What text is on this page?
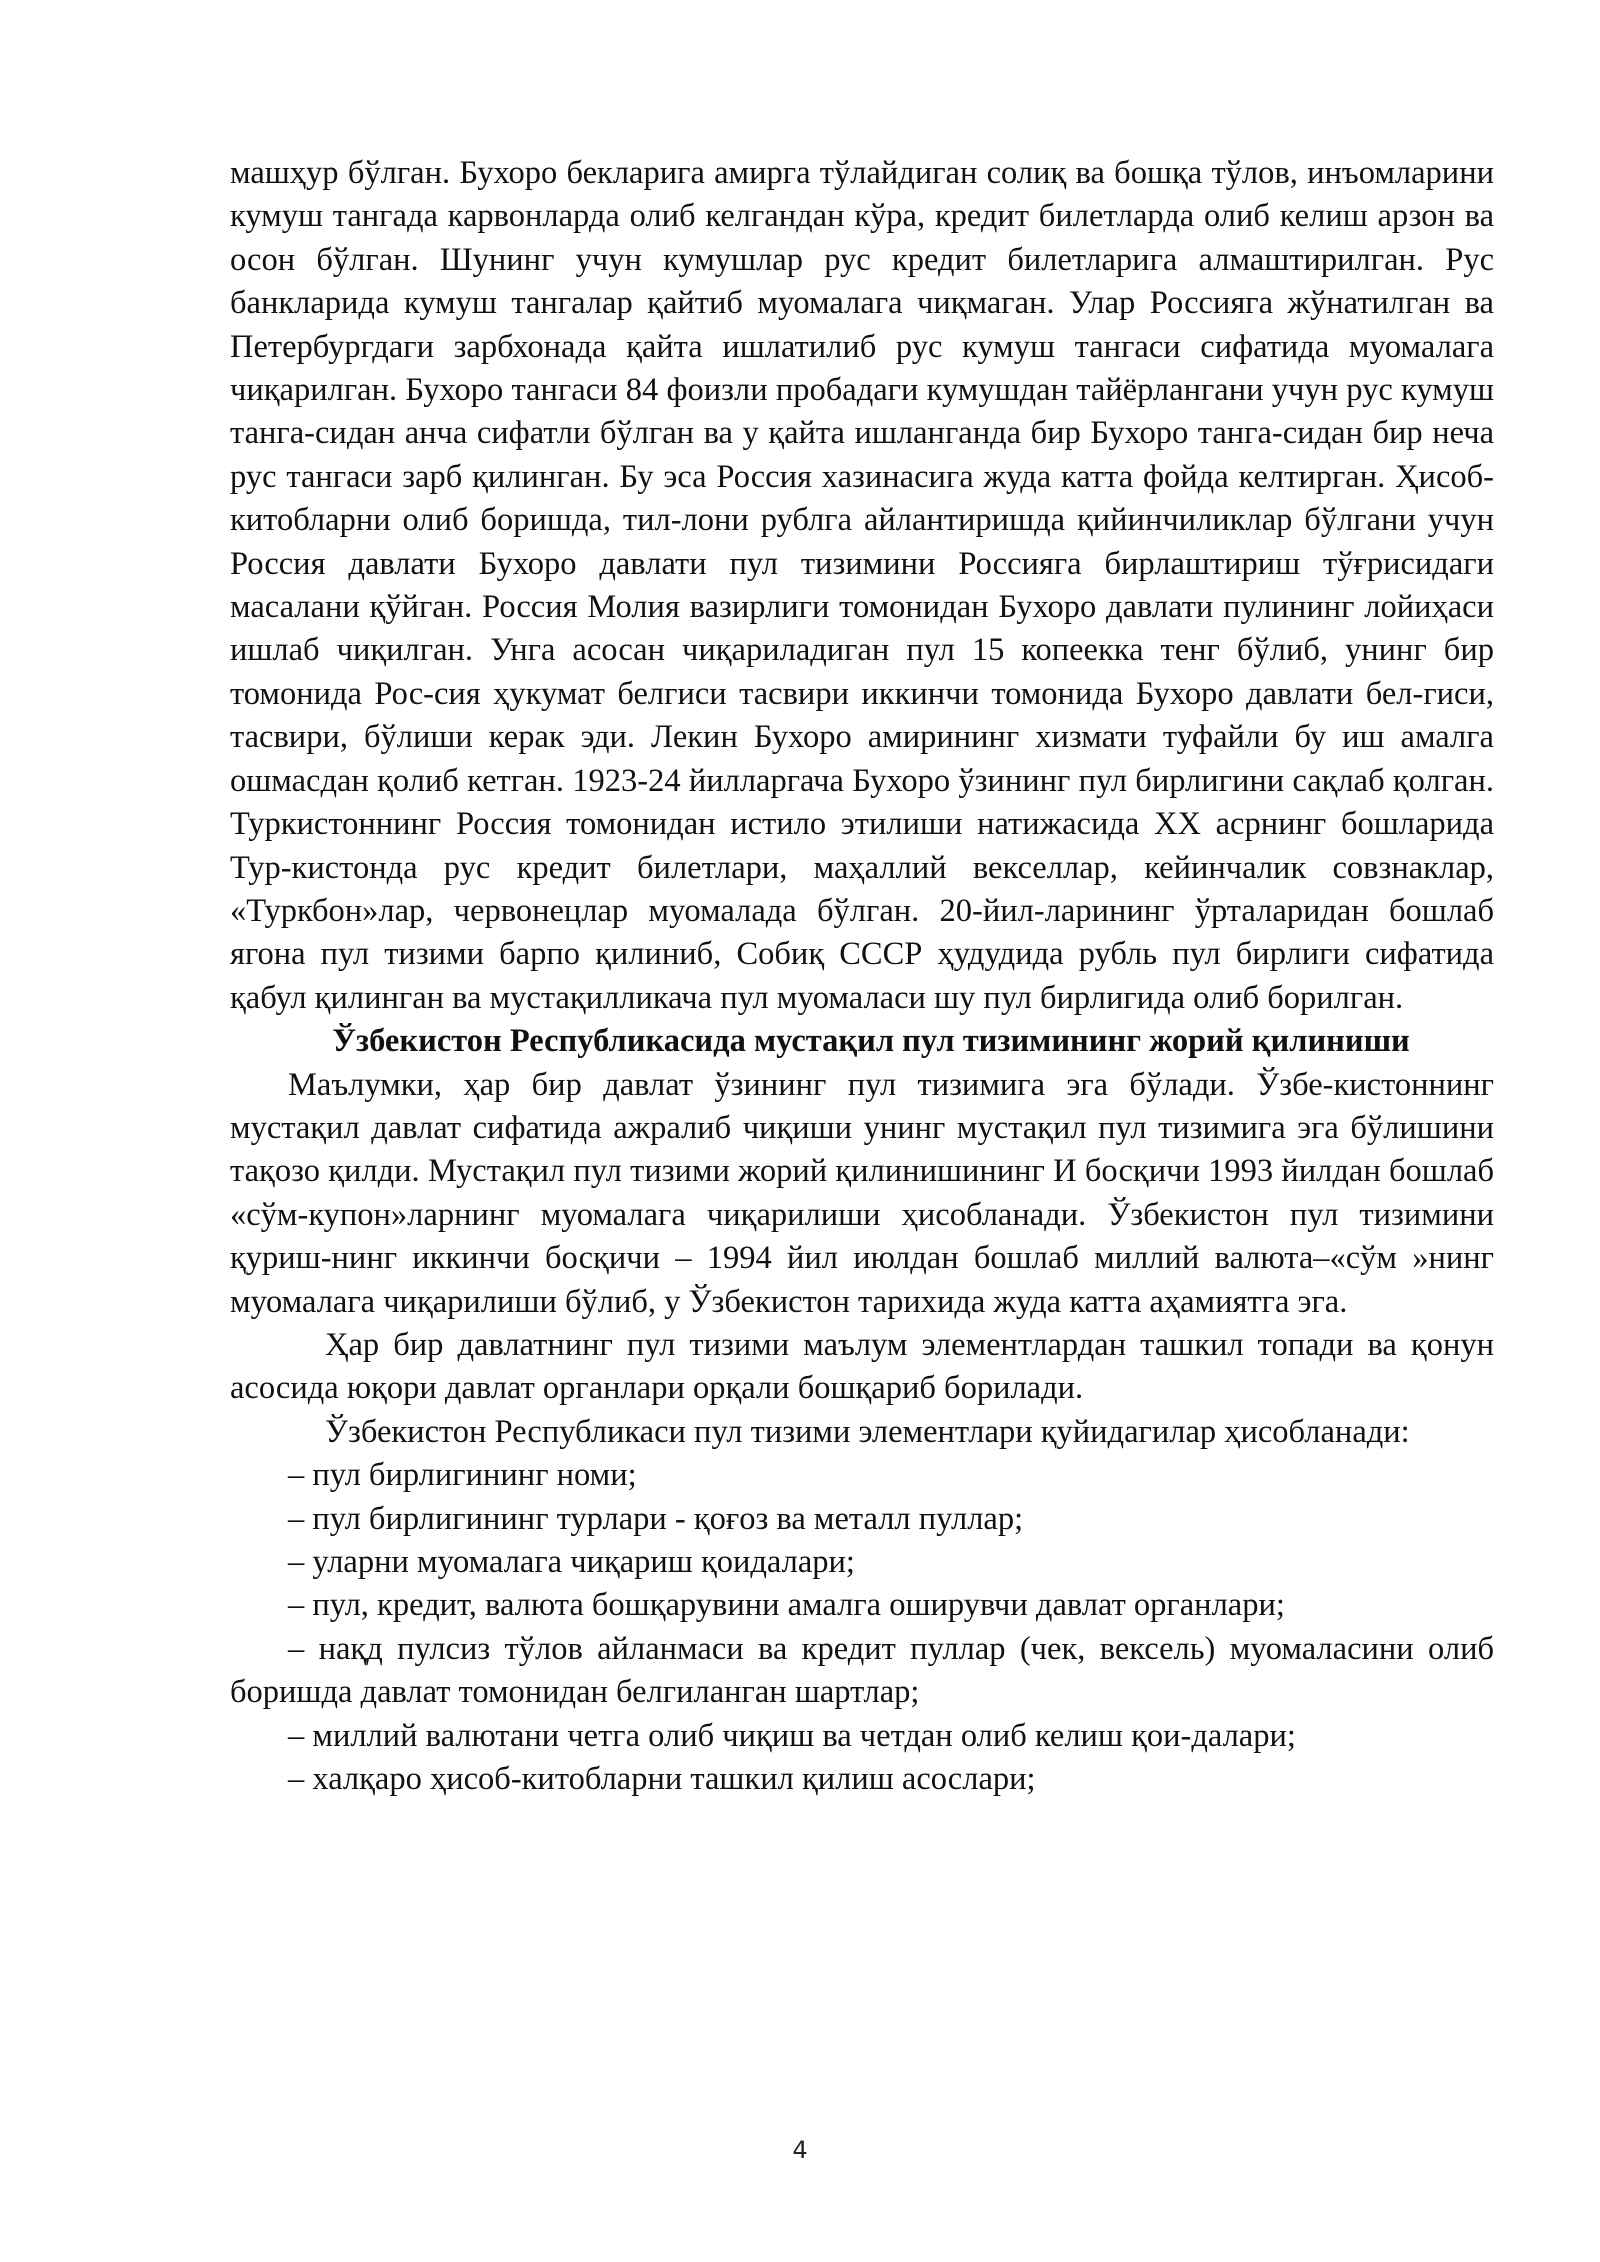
машҳур бўлган. Бухоро бекларига амирга тўлайдиган солиқ ва бошқа тўлов, инъомларини кумуш тангада карвонларда олиб келгандан кўра, кредит билетларда олиб келиш арзон ва осон бўлган. Шунинг учун кумушлар рус кредит билетларига алмаштирилган. Рус банкларида кумуш тангалар қайтиб муомалага чиқмаган. Улар Россияга жўнатилган ва Петербургдаги зарбхонада қайта ишлатилиб рус кумуш тангаси сифатида муомалага чиқарилган. Бухоро тангаси 84 фоизли пробадаги кумушдан тайёрлангани учун рус кумуш танга-сидан анча сифатли бўлган ва у қайта ишланганда бир Бухоро танга-сидан бир неча рус тангаси зарб қилинган. Бу эса Россия хазинасига жуда катта фойда келтирган. Ҳисоб-китобларни олиб боришда, тил-лони рублга айлантиришда қийинчиликлар бўлгани учун Россия давлати Бухоро давлати пул тизимини Россияга бирлаштириш тўғрисидаги масалани қўйган. Россия Молия вазирлиги томонидан Бухоро давлати пулининг лойиҳаси ишлаб чиқилган. Унга асосан чиқариладиган пул 15 копеекка тенг бўлиб, унинг бир томонида Рос-сия ҳукумат белгиси тасвири иккинчи томонида Бухоро давлати бел-гиси, тасвири, бўлиши керак эди. Лекин Бухоро амирининг хизмати туфайли бу иш амалга ошмасдан қолиб кетган. 1923-24 йилларгача Бухоро ўзининг пул бирлигини сақлаб қолган. Туркистоннинг Россия томонидан истило этилиши натижасида XX асрнинг бошларида Тур-кистонда рус кредит билетлари, маҳаллий векселлар, кейинчалик совзнаклар, «Туркбон»лар, червонецлар муомалада бўлган. 20-йил-ларининг ўрталаридан бошлаб ягона пул тизими барпо қилиниб, Собиқ СССР ҳудудида рубль пул бирлиги сифатида қабул қилинган ва мустақилликача пул муомаласи шу пул бирлигида олиб борилган.

Ўзбекистон Республикасида мустақил пул тизимининг жорий қилиниши

Маълумки, ҳар бир давлат ўзининг пул тизимига эга бўлади. Ўзбе-кистоннинг мустақил давлат сифатида ажралиб чиқиши унинг мустақил пул тизимига эга бўлишини тақозо қилди. Мустақил пул тизими жорий қилинишининг И босқичи 1993 йилдан бошлаб «сўм-купон»ларнинг муомалага чиқарилиши ҳисобланади. Ўзбекистон пул тизимини қуриш-нинг иккинчи босқичи – 1994 йил июлдан бошлаб миллий валюта–«сўм »нинг муомалага чиқарилиши бўлиб, у Ўзбекистон тарихида жуда катта аҳамиятга эга.

Ҳар бир давлатнинг пул тизими маълум элементлардан ташкил топади ва қонун асосида юқори давлат органлари орқали бошқариб борилади.

Ўзбекистон Республикаси пул тизими элементлари қуйидагилар ҳисобланади:

– пул бирлигининг номи;

– пул бирлигининг турлари - қоғоз ва металл пуллар;

– уларни муомалага чиқариш қоидалари;

– пул, кредит, валюта бошқарувини амалга оширувчи давлат органлари;

– нақд пулсиз тўлов айланмаси ва кредит пуллар (чек, вексель) муомаласини олиб боришда давлат томонидан белгиланган шартлар;

– миллий валютани четга олиб чиқиш ва четдан олиб келиш қои-далари;

– халқаро ҳисоб-китобларни ташкил қилиш асослари;

4
